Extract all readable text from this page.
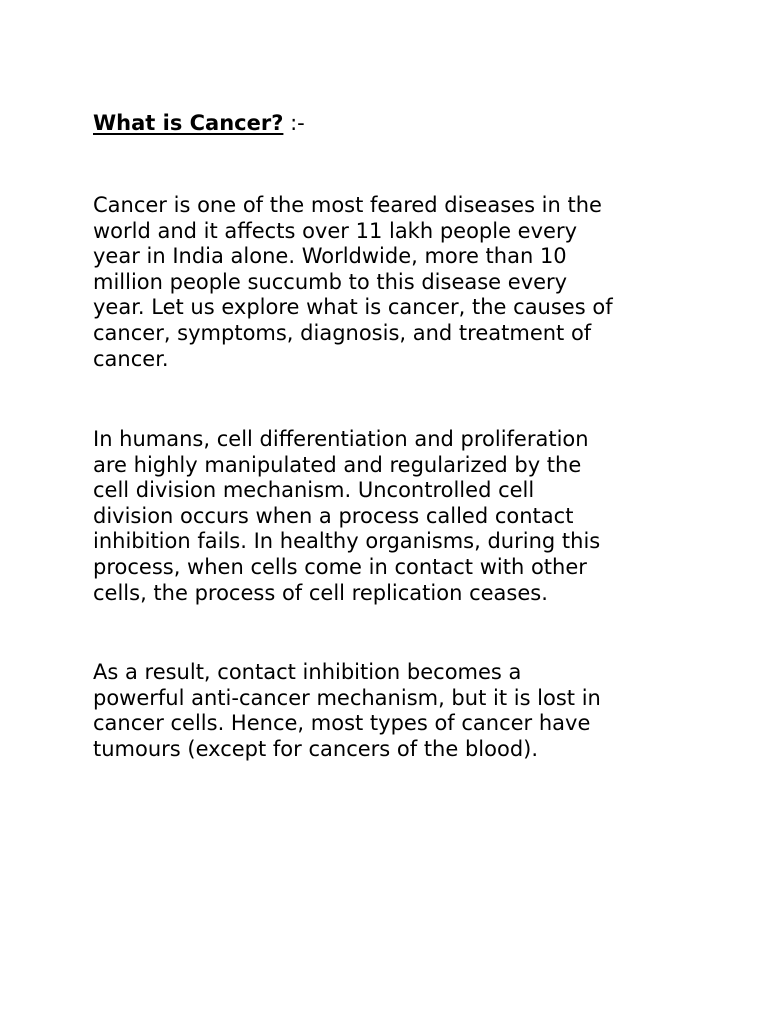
What is Cancer? :-

Cancer is one of the most feared diseases in the
world and it affects over 11 lakh people every
year in India alone. Worldwide, more than 10
million people succumb to this disease every
year. Let us explore what is cancer, the causes of
cancer, symptoms, diagnosis, and treatment of
cancer.

In humans, cell differentiation and proliferation
are highly manipulated and regularized by the
cell division mechanism. Uncontrolled cell
division occurs when a process called contact
inhibition fails. In healthy organisms, during this
process, when cells come in contact with other
cells, the process of cell replication ceases.

As a result, contact inhibition becomes a
powerful anti-cancer mechanism, but it is lost in
cancer cells. Hence, most types of cancer have
tumours (except for cancers of the blood).
